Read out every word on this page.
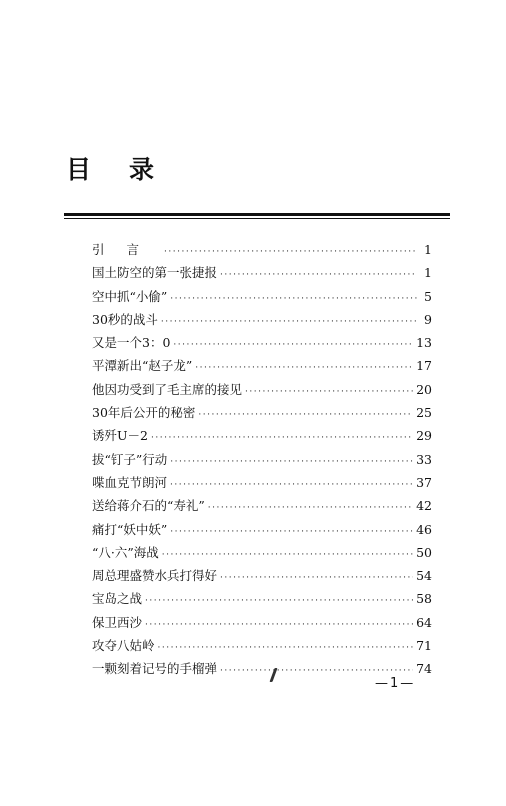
目录
引言 ·····	1
国土防空的第一张捷报 ·····	1
空中抓“小偷” ·····	5
30秒的战斗 ·····	9
又是一个3：0 ·····	13
平潭新出“赵子龙” ·····	17
他因功受到了毛主席的接见 ·····	20
30年后公开的秘密 ·····	25
诱歼U－2 ·····	29
拔“钉子”行动 ·····	33
喋血克节朗河 ·····	37
送给蒋介石的“寿礼” ·····	42
痛打“妖中妖” ·····	46
“八·六”海战 ·····	50
周总理盛赞水兵打得好 ·····	54
宝岛之战 ·····	58
保卫西沙 ·····	64
攻夺八姑岭 ·····	71
一颗刻着记号的手榴弹 ·····	74
—1—
